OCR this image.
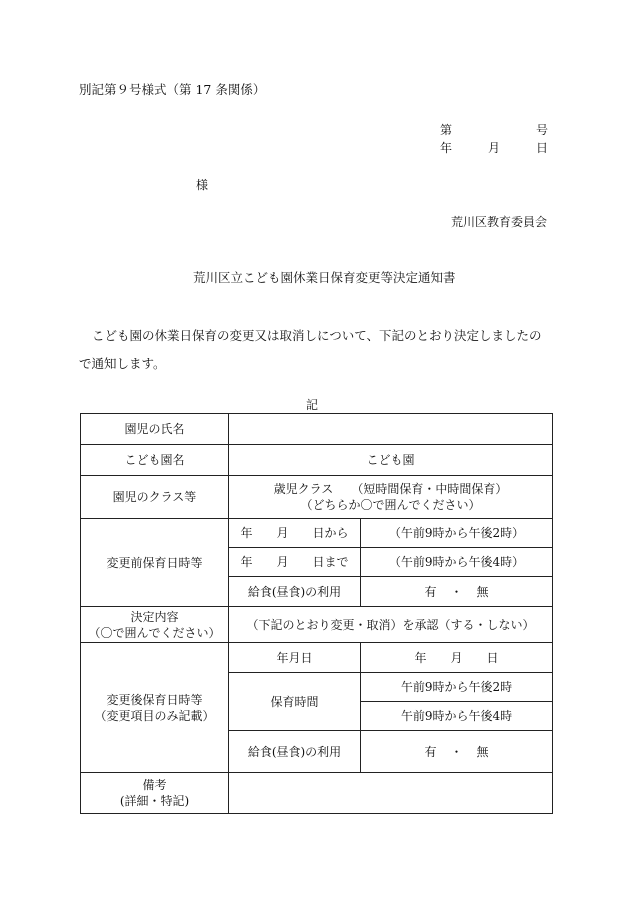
別記第９号様式（第 17 条関係）
第	号
年	月	日
様
荒川区教育委員会
荒川区立こども園休業日保育変更等決定通知書
こども園の休業日保育の変更又は取消しについて、下記のとおり決定しましたので通知します。
記
園児の氏名		
こども園名	こども園	
園児のクラス等	歳児クラス　　（短時間保育・中時間保育）
（どちらか〇で囲んでください）	

変更前保育日時等	年　　月　　日から	（午前9時から午後2時）
	年　　月　　日まで	（午前9時から午後4時）
	給食(昼食)の利用	有 ・ 無

決定内容
（〇で囲んでください）	（下記のとおり変更・取消）を承認（する・しない）	

変更後保育日時等
（変更項目のみ記載）	年月日	年　　月　　日
	保育時間	午前9時から午後2時
		午前9時から午後4時
	給食(昼食)の利用	有 ・ 無

備考
(詳細・特記)		
